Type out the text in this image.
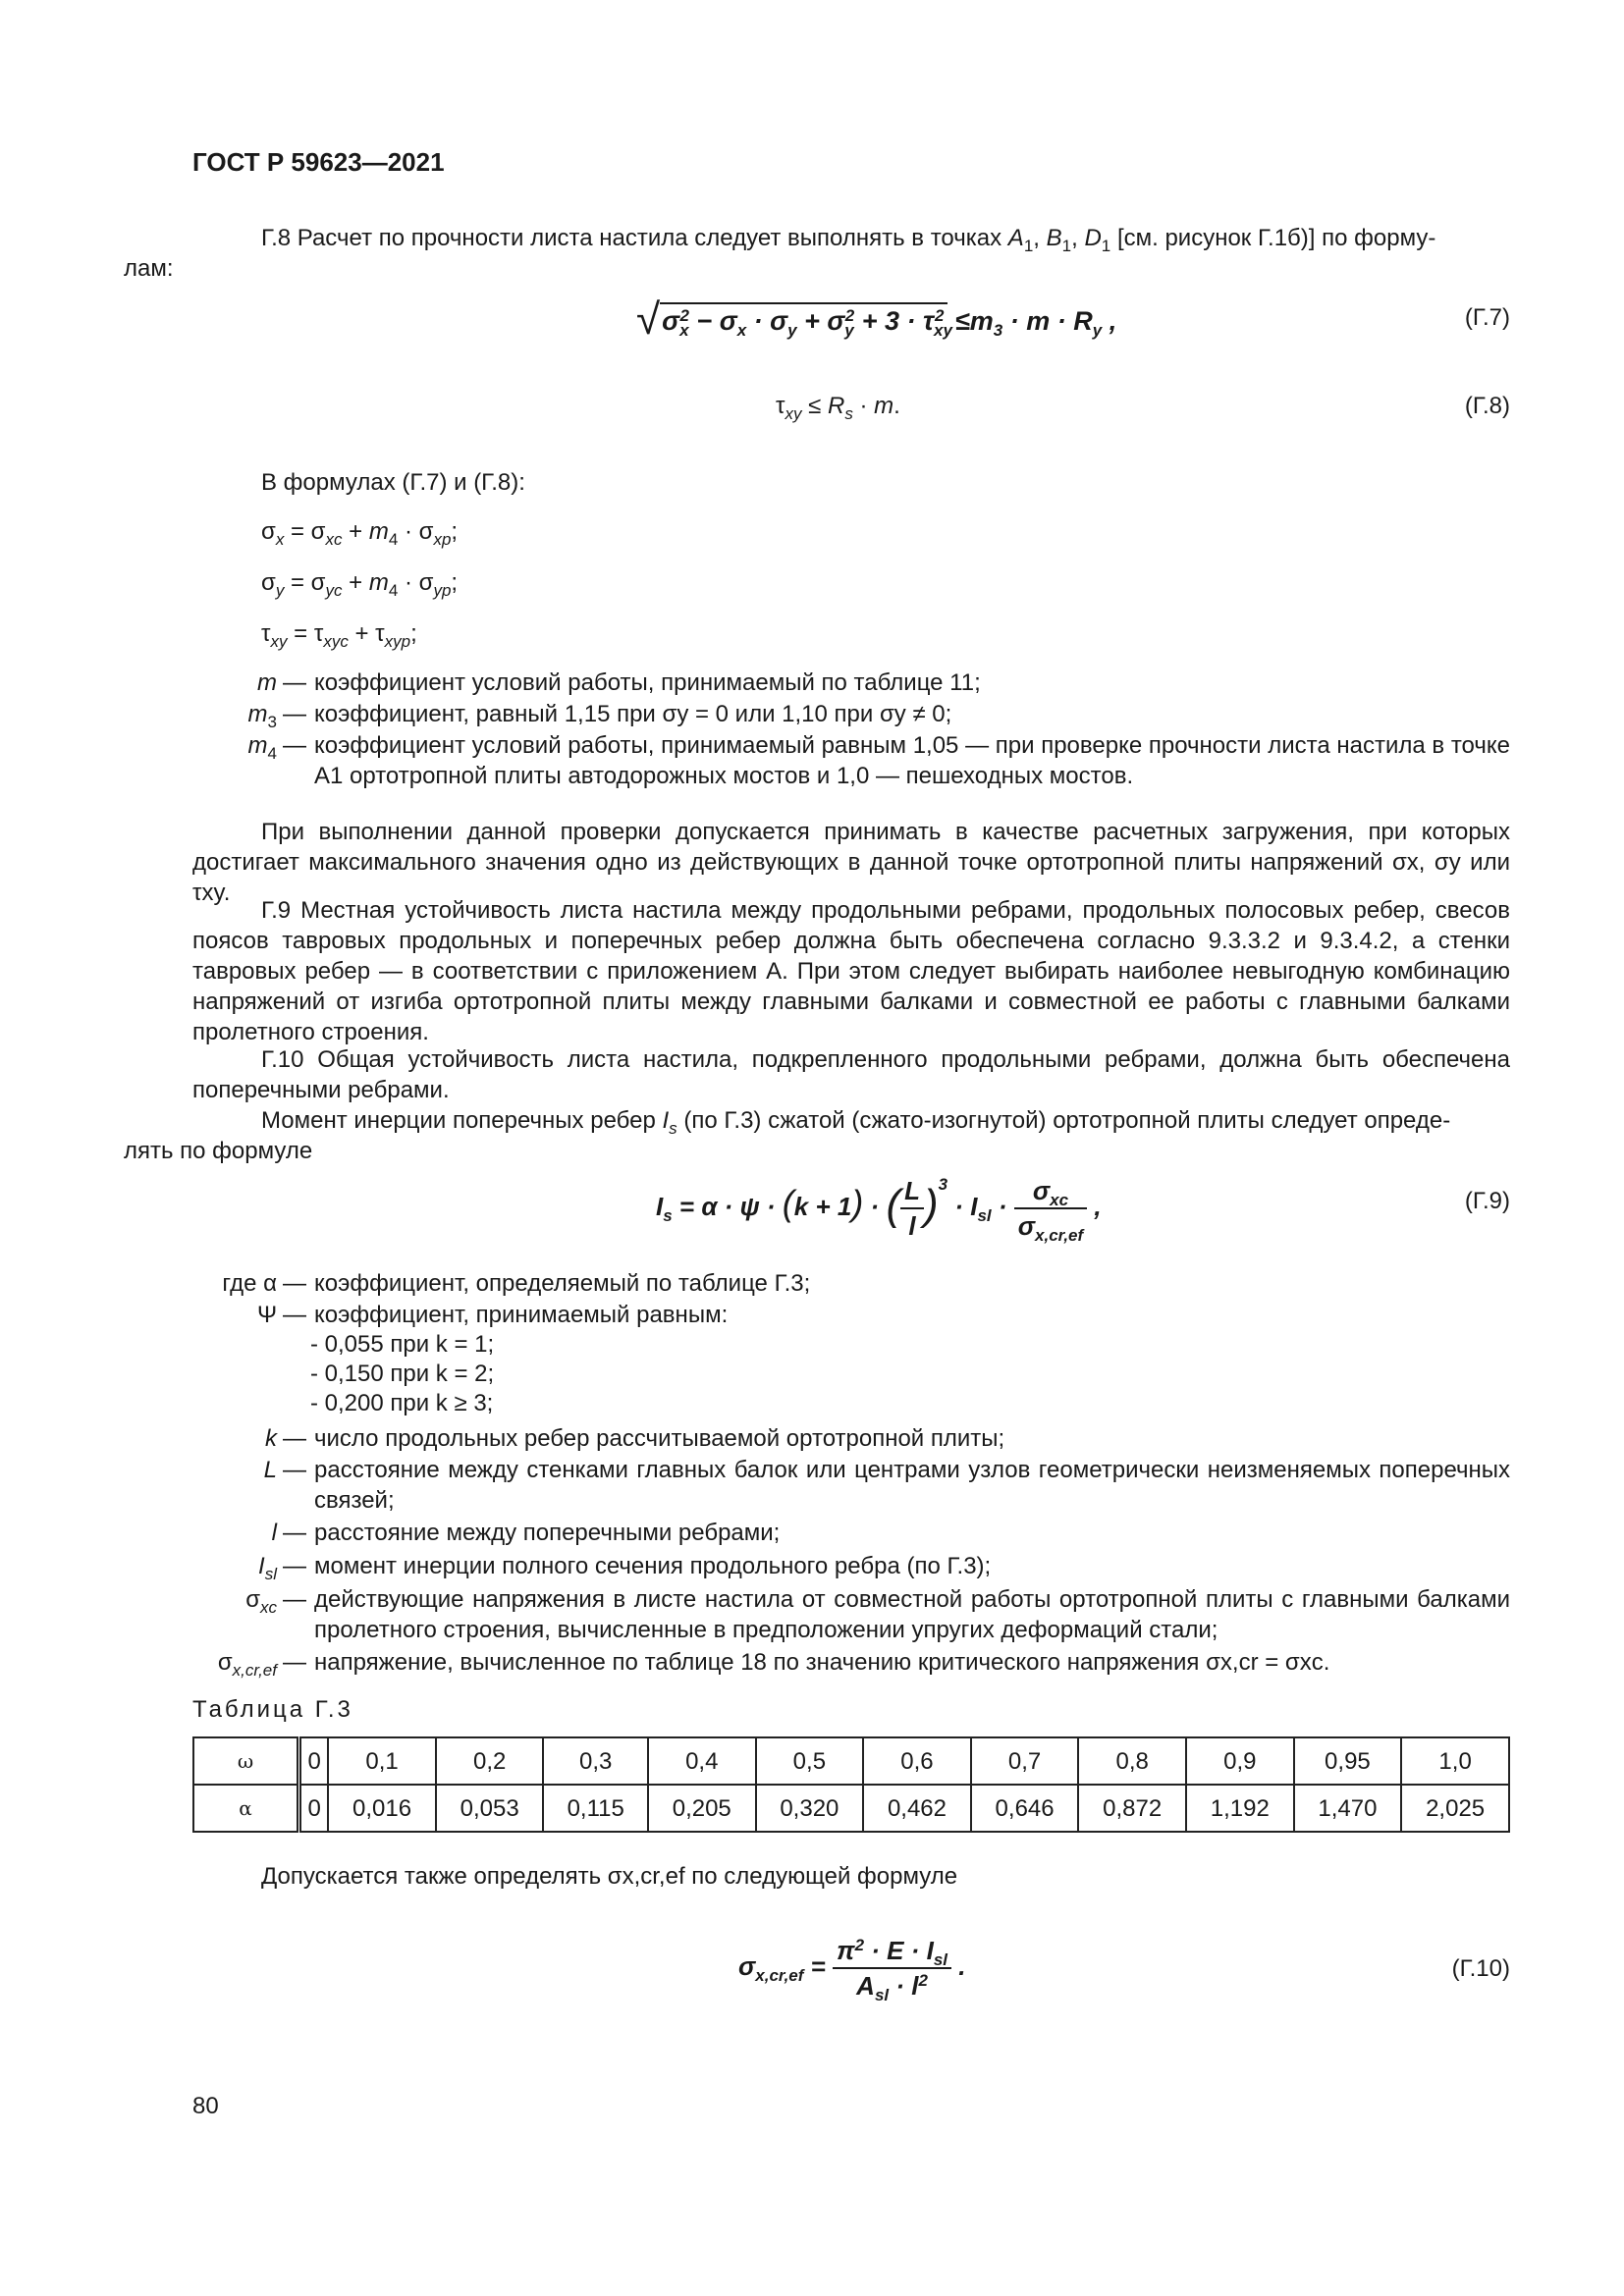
ГОСТ Р 59623—2021
Г.8 Расчет по прочности листа настила следует выполнять в точках $A_1$, $B_1$, $D_1$ [см. рисунок Г.1б)] по форму-
лам:
$√\sigma_x^2 - \sigma_x \cdot \sigma_y + \sigma_y^2 + 3 \cdot \tau_{xy}^2 \le m_3 \cdot m \cdot R_y$ ,	(Г.7)
$\tau_{xy} \le R_s \cdot m$.	(Г.8)
В формулах (Г.7) и (Г.8):
$\sigma_x = \sigma_{xc} + m_4 \cdot \sigma_{xp}$;
$\sigma_y = \sigma_{yc} + m_4 \cdot \sigma_{yp}$;
$\tau_{xy} = \tau_{xyc} + \tau_{xyp}$;
m — коэффициент условий работы, принимаемый по таблице 11;
$m_3$ — коэффициент, равный 1,15 при σy = 0 или 1,10 при σy ≠ 0;
$m_4$ — коэффициент условий работы, принимаемый равным 1,05 — при проверке прочности листа настила в точке A1 ортотропной плиты автодорожных мостов и 1,0 — пешеходных мостов.
При выполнении данной проверки допускается принимать в качестве расчетных загружения, при которых достигает максимального значения одно из действующих в данной точке ортотропной плиты напряжений σx, σy или τxy.
Г.9 Местная устойчивость листа настила между продольными ребрами, продольных полосовых ребер, свесов поясов тавровых продольных и поперечных ребер должна быть обеспечена согласно 9.3.3.2 и 9.3.4.2, а стенки тавровых ребер — в соответствии с приложением А. При этом следует выбирать наиболее невыгодную комбинацию напряжений от изгиба ортотропной плиты между главными балками и совместной ее работы с главными балками пролетного строения.
Г.10 Общая устойчивость листа настила, подкрепленного продольными ребрами, должна быть обеспечена поперечными ребрами.
Момент инерции поперечных ребер $I_s$ (по Г.3) сжатой (сжато-изогнутой) ортотропной плиты следует опреде-
лять по формуле
$I_s = \alpha \cdot \psi \cdot (k + 1)$ · ( $\frac{L}{l} )^3 \cdot I_{sl} \cdot \frac{\sigma_{xc}}{\sigma_{x,cr,ef}}$ ,	(Г.9)
где α — коэффициент, определяемый по таблице Г.3;
Ψ — коэффициент, принимаемый равным:
- 0,055 при k = 1;
- 0,150 при k = 2;
- 0,200 при k ≥ 3;
k — число продольных ребер рассчитываемой ортотропной плиты;
L — расстояние между стенками главных балок или центрами узлов геометрически неизменяемых поперечных связей;
l — расстояние между поперечными ребрами;
$I_{sl}$ — момент инерции полного сечения продольного ребра (по Г.3);
$\sigma_{xc}$ — действующие напряжения в листе настила от совместной работы ортотропной плиты с главными балками пролетного строения, вычисленные в предположении упругих деформаций стали;
$\sigma_{x,cr,ef}$ — напряжение, вычисленное по таблице 18 по значению критического напряжения σx,cr = σxc.
Таблица Г.3
ω	0	0,1	0,2	0,3	0,4	0,5	0,6	0,7	0,8	0,9	0,95	1,0
α	0	0,016	0,053	0,115	0,205	0,320	0,462	0,646	0,872	1,192	1,470	2,025
Допускается также определять σx,cr,ef по следующей формуле
$\sigma_{x,cr,ef} = \frac{\pi^2 \cdot E \cdot I_{sl}}{A_{sl} \cdot l^2}$ .	(Г.10)
80
